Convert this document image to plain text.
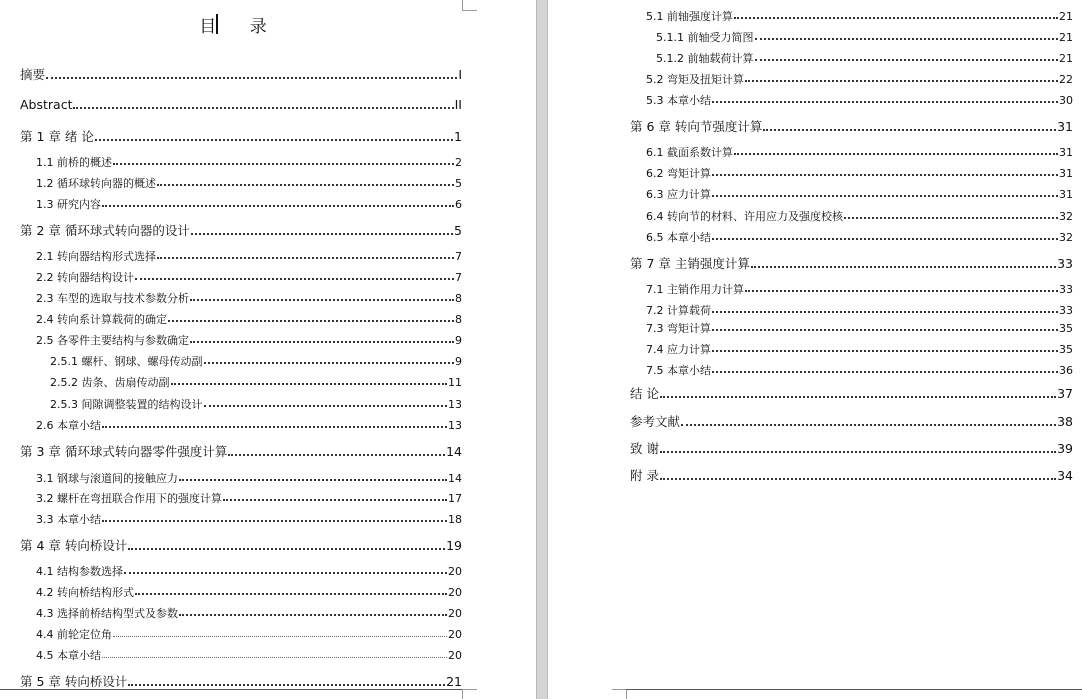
目 录
摘要	I
Abstract	II
第 1 章 绪 论	1
1.1 前桥的概述	2
1.2 循环球转向器的概述	5
1.3 研究内容	6
第 2 章 循环球式转向器的设计	5
2.1 转向器结构形式选择	7
2.2 转向器结构设计	7
2.3 车型的选取与技术参数分析	8
2.4 转向系计算载荷的确定	8
2.5 各零件主要结构与参数确定	9
2.5.1 螺杆、钢球、螺母传动副	9
2.5.2 齿条、齿扇传动副	11
2.5.3 间隙调整装置的结构设计	13
2.6 本章小结	13
第 3 章 循环球式转向器零件强度计算	14
3.1 钢球与滚道间的接触应力	14
3.2 螺杆在弯扭联合作用下的强度计算	17
3.3 本章小结	18
第 4 章 转向桥设计	19
4.1 结构参数选择	20
4.2 转向桥结构形式	20
4.3 选择前桥结构型式及参数	20
4.4 前轮定位角	20
4.5 本章小结	20
第 5 章 转向桥设计	21
5.1 前轴强度计算	21
5.1.1 前轴受力简图	21
5.1.2 前轴载荷计算	21
5.2 弯矩及扭矩计算	22
5.3 本章小结	30
第 6 章 转向节强度计算	31
6.1 截面系数计算	31
6.2 弯矩计算	31
6.3 应力计算	31
6.4 转向节的材料、许用应力及强度校核	32
6.5 本章小结	32
第 7 章 主销强度计算	33
7.1 主销作用力计算	33
7.2 计算载荷	33
7.3 弯矩计算	35
7.4 应力计算	35
7.5 本章小结	36
结 论	37
参考文献	38
致 谢	39
附 录	34
